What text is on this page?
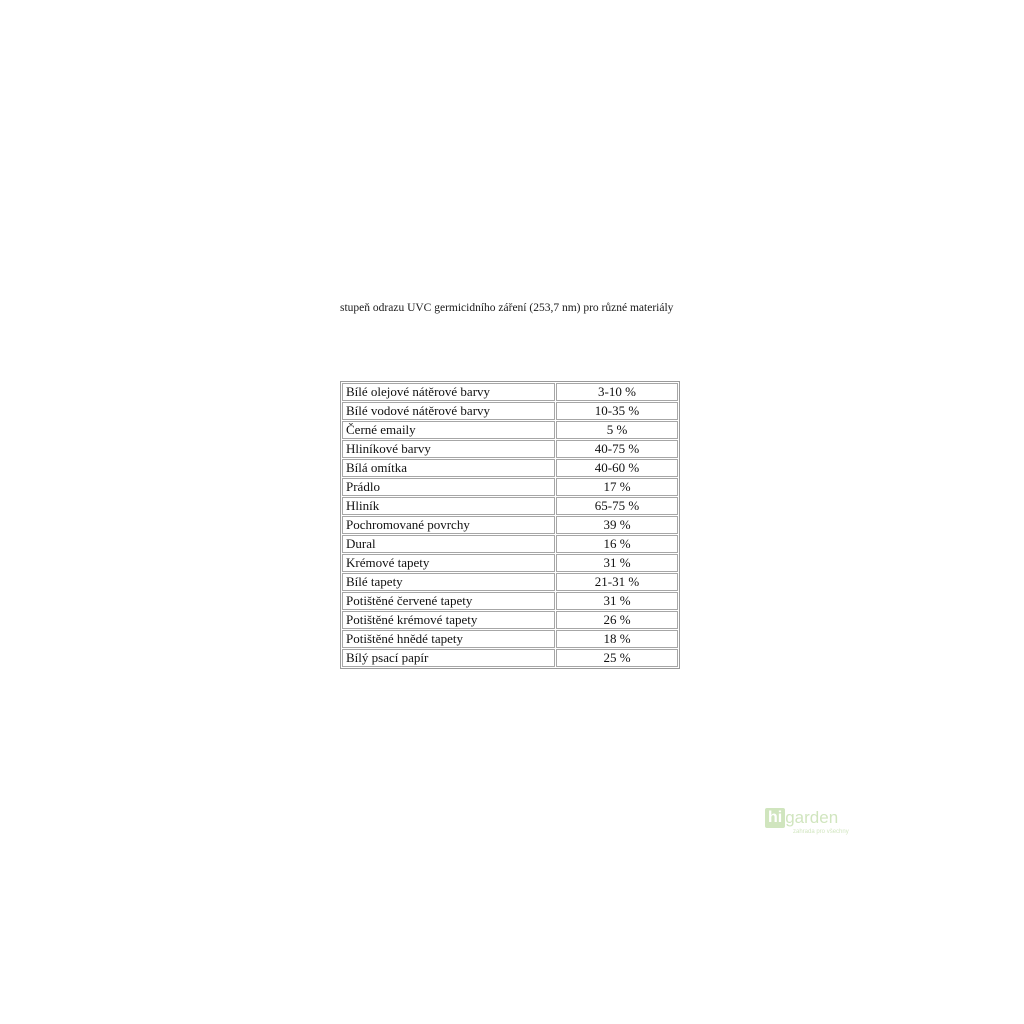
stupeň odrazu UVC germicidního záření (253,7 nm) pro různé materiály
Bílé olejové nátěrové barvy	3-10 %
Bílé vodové nátěrové barvy	10-35 %
Černé emaily	5 %
Hliníkové barvy	40-75 %
Bílá omítka	40-60 %
Prádlo	17 %
Hliník	65-75 %
Pochromované povrchy	39 %
Dural	16 %
Krémové tapety	31 %
Bílé tapety	21-31 %
Potištěné červené tapety	31 %
Potištěné krémové tapety	26 %
Potištěné hnědé tapety	18 %
Bílý psací papír	25 %
hi garden
zahrada pro všechny
